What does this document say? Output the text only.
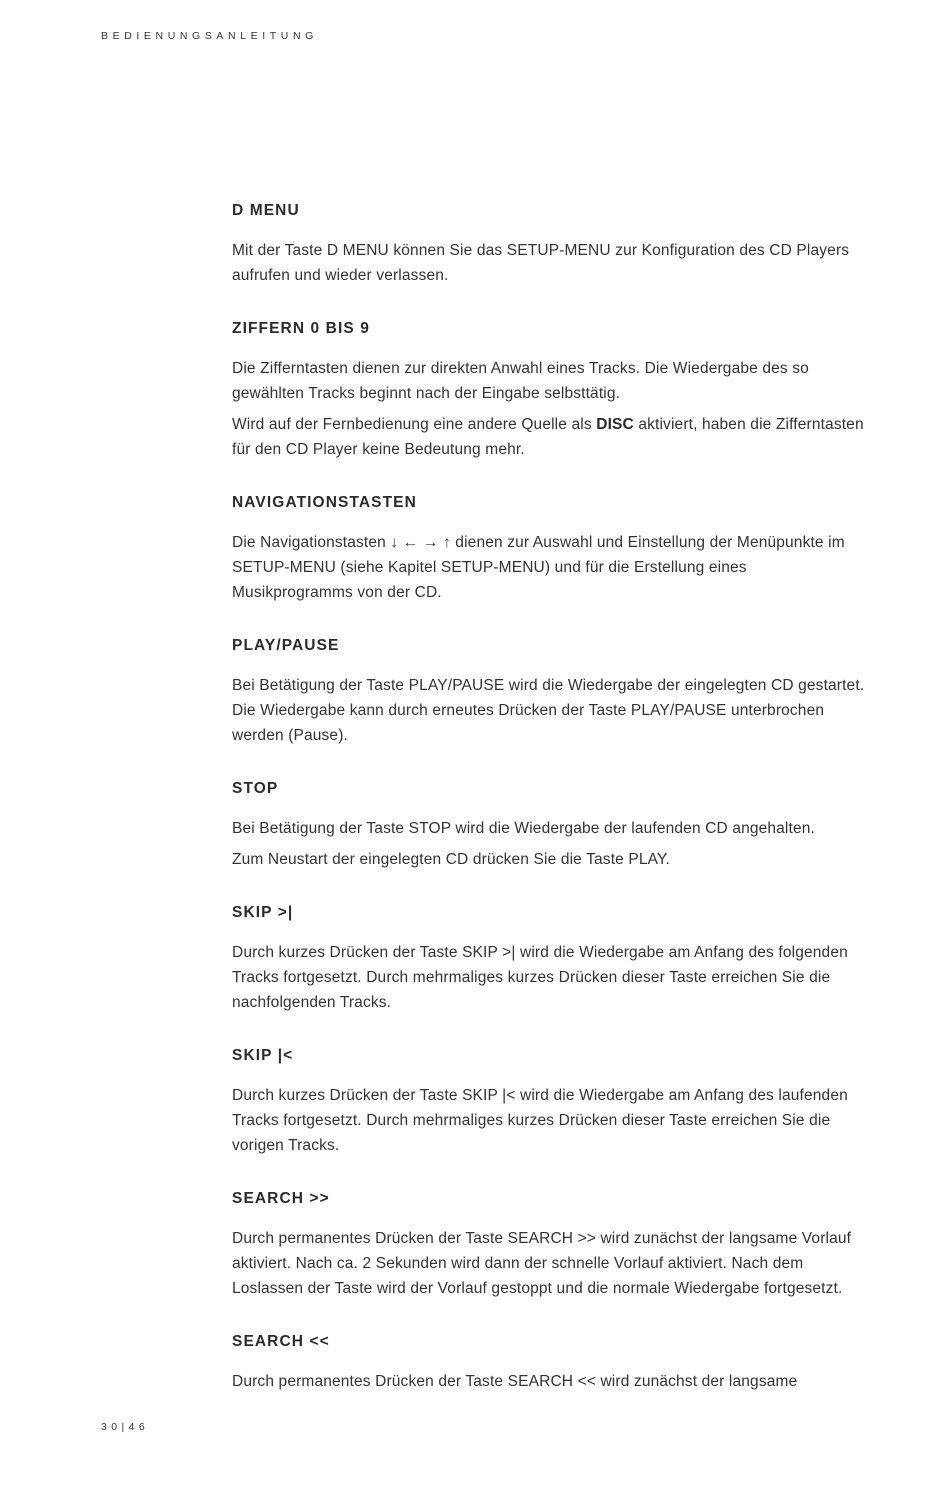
BEDIENUNGSANLEITUNG
D MENU

Mit der Taste D MENU können Sie das SETUP-MENU zur Konfiguration des CD Players aufrufen und wieder verlassen.

ZIFFERN 0 BIS 9

Die Zifferntasten dienen zur direkten Anwahl eines Tracks. Die Wiedergabe des so gewählten Tracks beginnt nach der Eingabe selbsttätig.

Wird auf der Fernbedienung eine andere Quelle als DISC aktiviert, haben die Zifferntasten für den CD Player keine Bedeutung mehr.

NAVIGATIONSTASTEN

Die Navigationstasten ↓ ← → ↑ dienen zur Auswahl und Einstellung der Menüpunkte im SETUP-MENU (siehe Kapitel SETUP-MENU) und für die Erstellung eines Musikprogramms von der CD.

PLAY/PAUSE

Bei Betätigung der Taste PLAY/PAUSE wird die Wiedergabe der eingelegten CD gestartet. Die Wiedergabe kann durch erneutes Drücken der Taste PLAY/PAUSE unterbrochen werden (Pause).

STOP

Bei Betätigung der Taste STOP wird die Wiedergabe der laufenden CD angehalten.

Zum Neustart der eingelegten CD drücken Sie die Taste PLAY.

SKIP >|

Durch kurzes Drücken der Taste SKIP >| wird die Wiedergabe am Anfang des folgenden Tracks fortgesetzt. Durch mehrmaliges kurzes Drücken dieser Taste erreichen Sie die nachfolgenden Tracks.

SKIP |<

Durch kurzes Drücken der Taste SKIP |< wird die Wiedergabe am Anfang des laufenden Tracks fortgesetzt. Durch mehrmaliges kurzes Drücken dieser Taste erreichen Sie die vorigen Tracks.

SEARCH >>

Durch permanentes Drücken der Taste SEARCH >> wird zunächst der langsame Vorlauf aktiviert. Nach ca. 2 Sekunden wird dann der schnelle Vorlauf aktiviert. Nach dem Loslassen der Taste wird der Vorlauf gestoppt und die normale Wiedergabe fortgesetzt.

SEARCH <<

Durch permanentes Drücken der Taste SEARCH << wird zunächst der langsame

30|46
